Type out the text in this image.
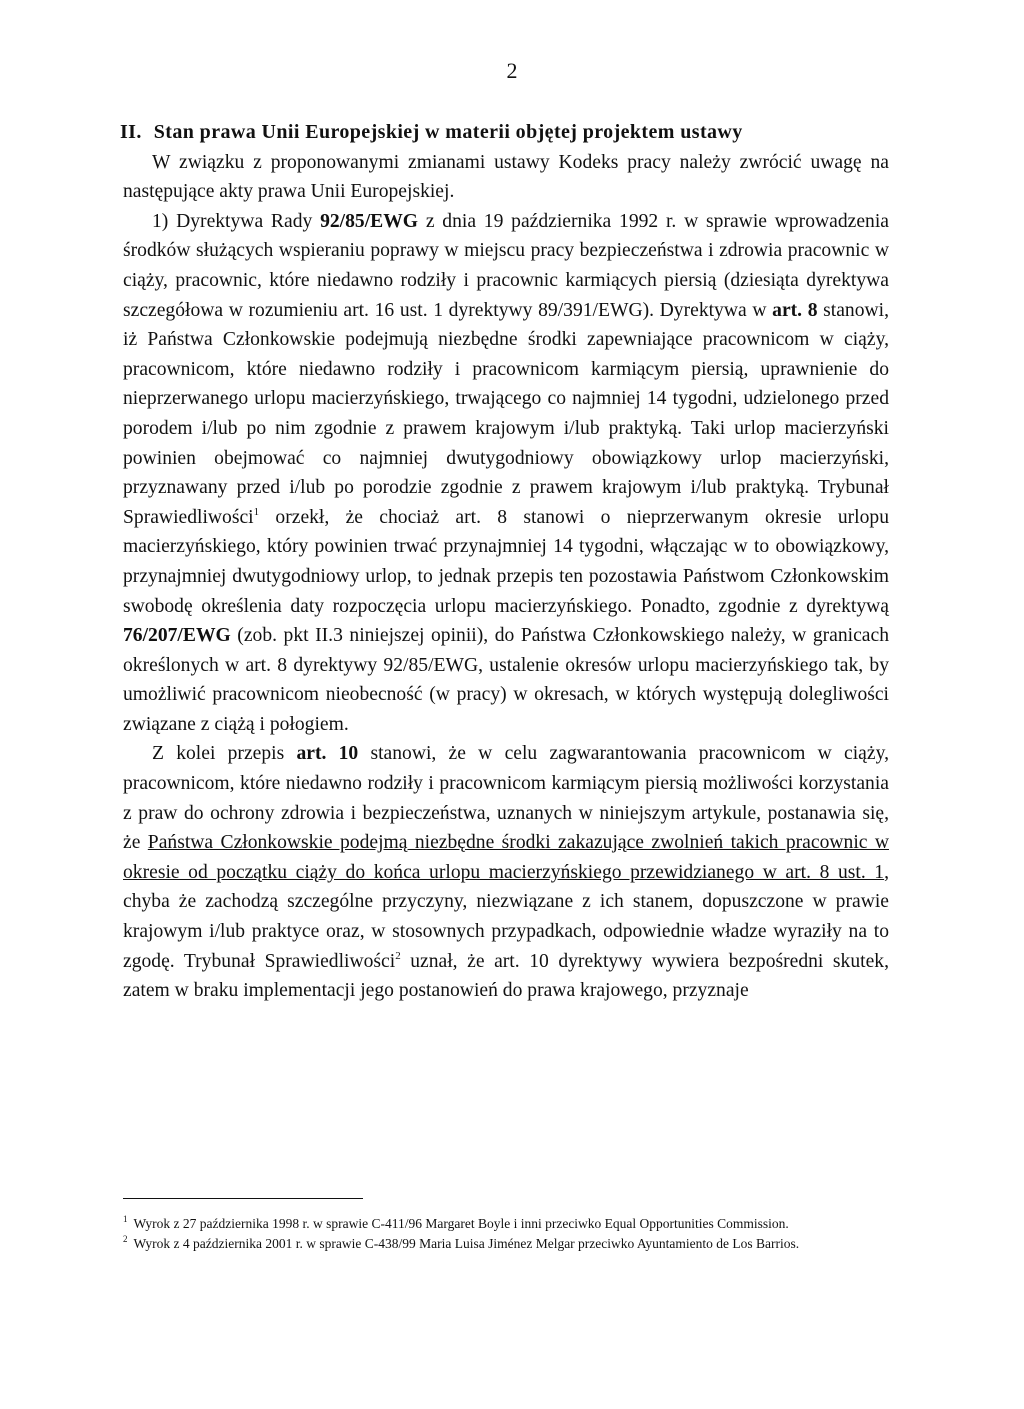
2

II. Stan prawa Unii Europejskiej w materii objętej projektem ustawy

W związku z proponowanymi zmianami ustawy Kodeks pracy należy zwrócić uwagę na następujące akty prawa Unii Europejskiej.

1) Dyrektywa Rady 92/85/EWG z dnia 19 października 1992 r. w sprawie wprowadzenia środków służących wspieraniu poprawy w miejscu pracy bezpieczeństwa i zdrowia pracownic w ciąży, pracownic, które niedawno rodziły i pracownic karmiących piersią (dziesiąta dyrektywa szczegółowa w rozumieniu art. 16 ust. 1 dyrektywy 89/391/EWG). Dyrektywa w art. 8 stanowi, iż Państwa Członkowskie podejmują niezbędne środki zapewniające pracownicom w ciąży, pracownicom, które niedawno rodziły i pracownicom karmiącym piersią, uprawnienie do nieprzerwanego urlopu macierzyńskiego, trwającego co najmniej 14 tygodni, udzielonego przed porodem i/lub po nim zgodnie z prawem krajowym i/lub praktyką. Taki urlop macierzyński powinien obejmować co najmniej dwutygodniowy obowiązkowy urlop macierzyński, przyznawany przed i/lub po porodzie zgodnie z prawem krajowym i/lub praktyką. Trybunał Sprawiedliwości$^1$ orzekł, że chociaż art. 8 stanowi o nieprzerwanym okresie urlopu macierzyńskiego, który powinien trwać przynajmniej 14 tygodni, włączając w to obowiązkowy, przynajmniej dwutygodniowy urlop, to jednak przepis ten pozostawia Państwom Członkowskim swobodę określenia daty rozpoczęcia urlopu macierzyńskiego. Ponadto, zgodnie z dyrektywą 76/207/EWG (zob. pkt II.3 niniejszej opinii), do Państwa Członkowskiego należy, w granicach określonych w art. 8 dyrektywy 92/85/EWG, ustalenie okresów urlopu macierzyńskiego tak, by umożliwić pracownicom nieobecność (w pracy) w okresach, w których występują dolegliwości związane z ciążą i połogiem.

Z kolei przepis art. 10 stanowi, że w celu zagwarantowania pracownicom w ciąży, pracownicom, które niedawno rodziły i pracownicom karmiącym piersią możliwości korzystania z praw do ochrony zdrowia i bezpieczeństwa, uznanych w niniejszym artykule, postanawia się, że Państwa Członkowskie podejmą niezbędne środki zakazujące zwolnień takich pracownic w okresie od początku ciąży do końca urlopu macierzyńskiego przewidzianego w art. 8 ust. 1, chyba że zachodzą szczególne przyczyny, niezwiązane z ich stanem, dopuszczone w prawie krajowym i/lub praktyce oraz, w stosownych przypadkach, odpowiednie władze wyraziły na to zgodę. Trybunał Sprawiedliwości$^2$ uznał, że art. 10 dyrektywy wywiera bezpośredni skutek, zatem w braku implementacji jego postanowień do prawa krajowego, przyznaje

$^1$ Wyrok z 27 października 1998 r. w sprawie C-411/96 Margaret Boyle i inni przeciwko Equal Opportunities Commission.

$^2$ Wyrok z 4 października 2001 r. w sprawie C-438/99 Maria Luisa Jiménez Melgar przeciwko Ayuntamiento de Los Barrios.
